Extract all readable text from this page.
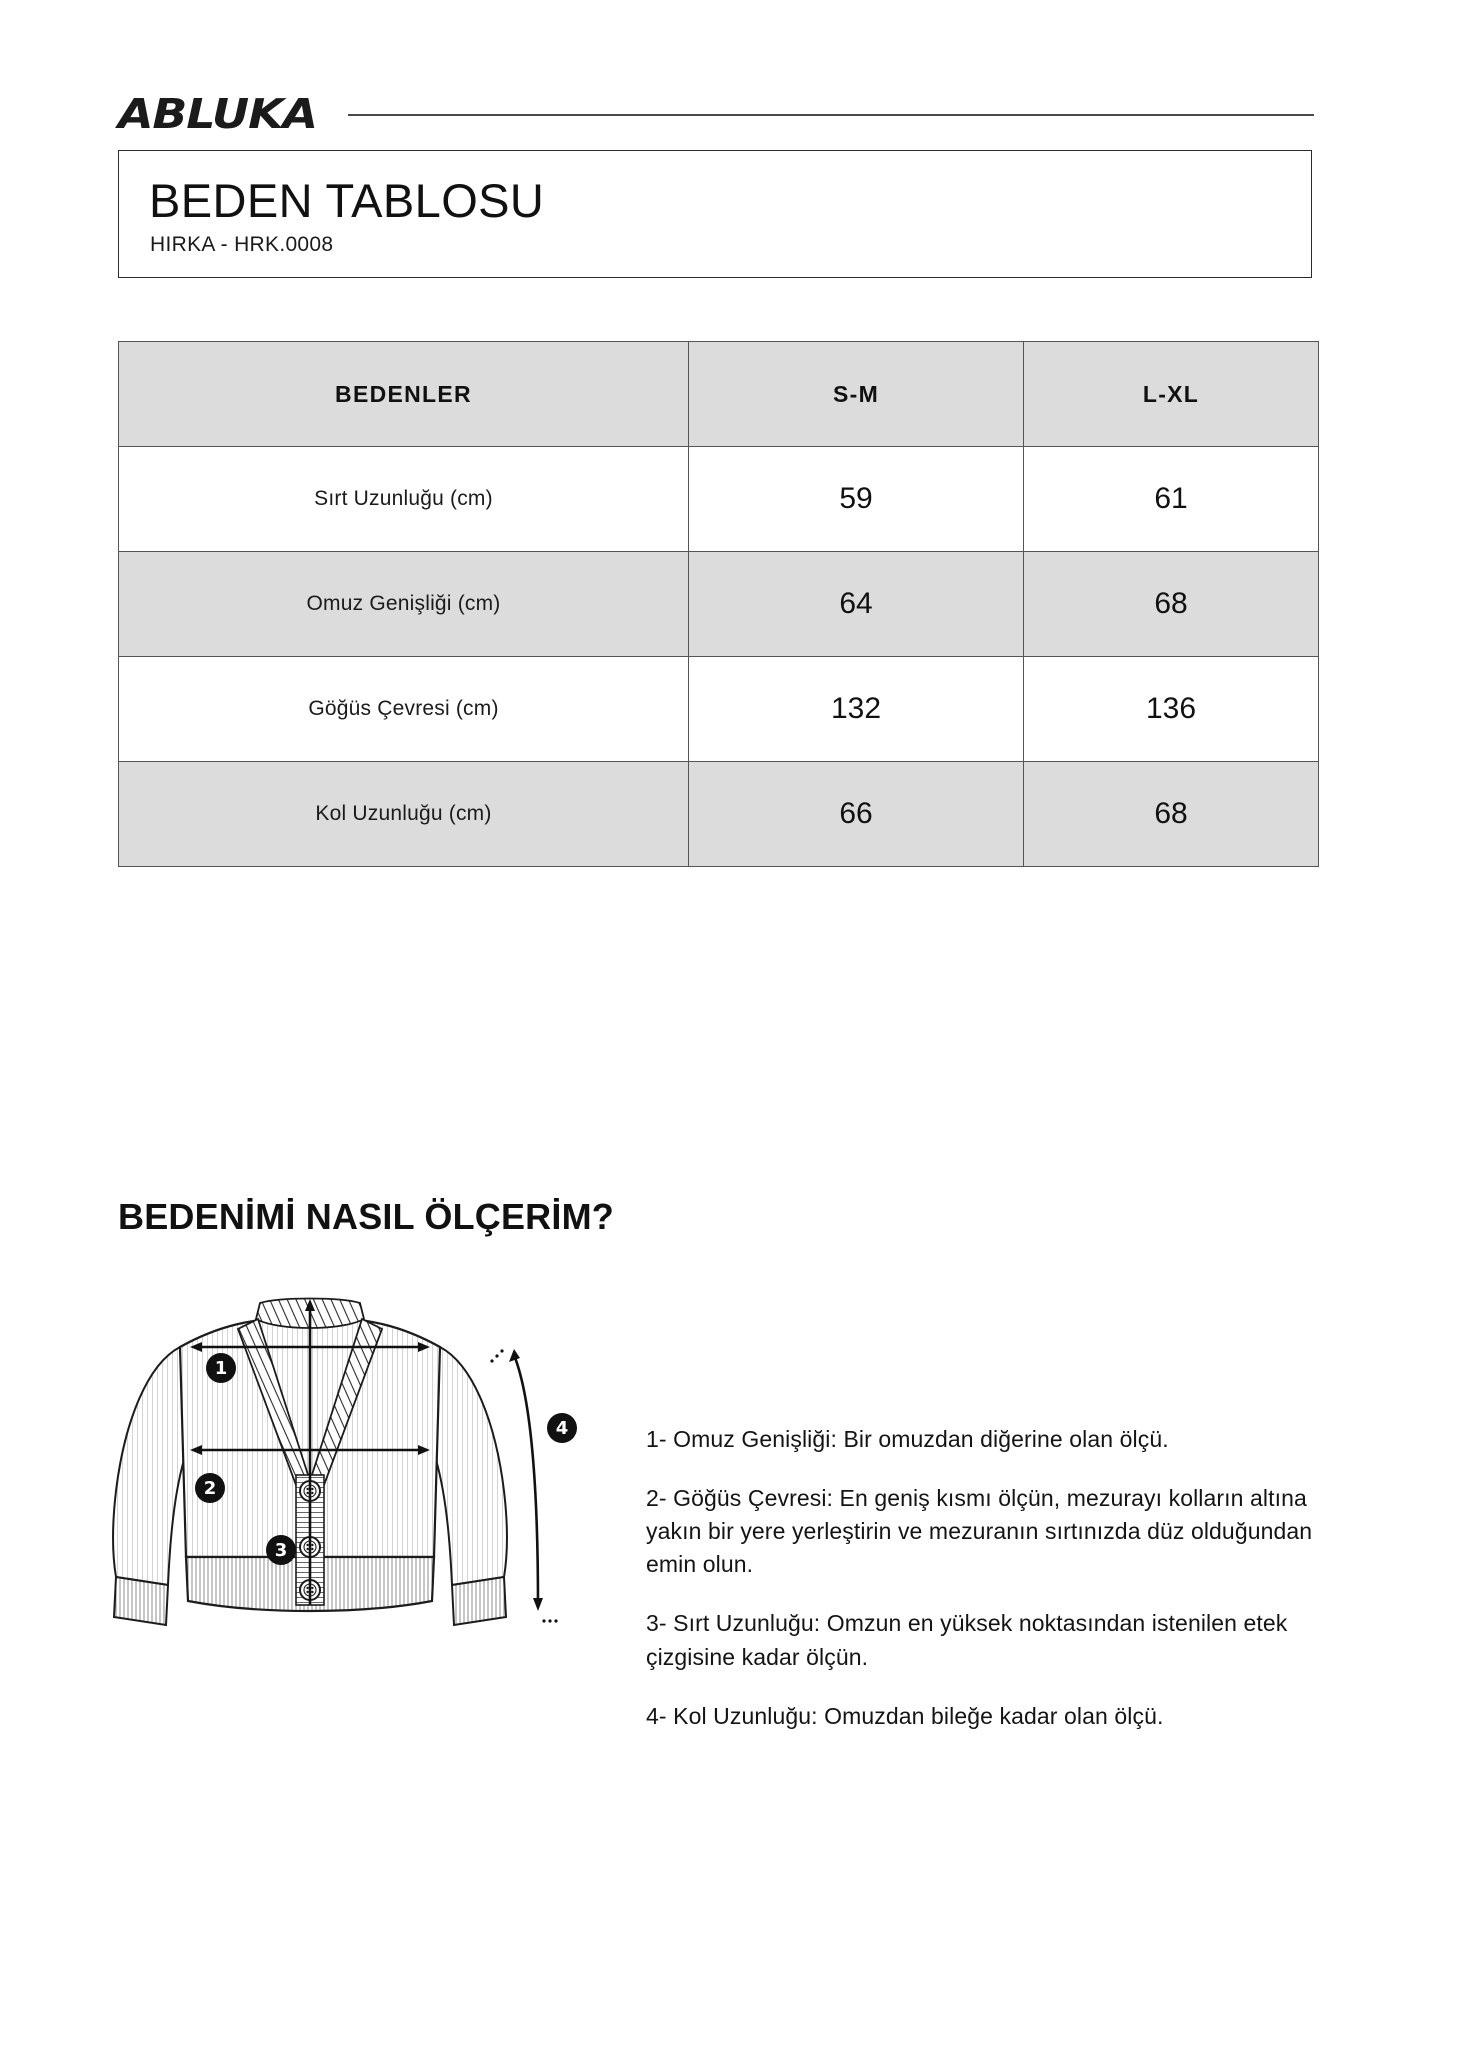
ABLUKA
BEDEN TABLOSU
HIRKA - HRK.0008
BEDENLER	S-M	L-XL
Sırt Uzunluğu (cm)	59	61
Omuz Genişliği (cm)	64	68
Göğüs Çevresi (cm)	132	136
Kol Uzunluğu (cm)	66	68
BEDENİMİ NASIL ÖLÇERİM?
1
2
3
4	1- Omuz Genişliği: Bir omuzdan diğerine olan ölçü.

2- Göğüs Çevresi: En geniş kısmı ölçün, mezurayı kolların altına yakın bir yere yerleştirin ve mezuranın sırtınızda düz olduğundan emin olun.

3- Sırt Uzunluğu: Omzun en yüksek noktasından istenilen etek çizgisine kadar ölçün.

4- Kol Uzunluğu: Omuzdan bileğe kadar olan ölçü.
